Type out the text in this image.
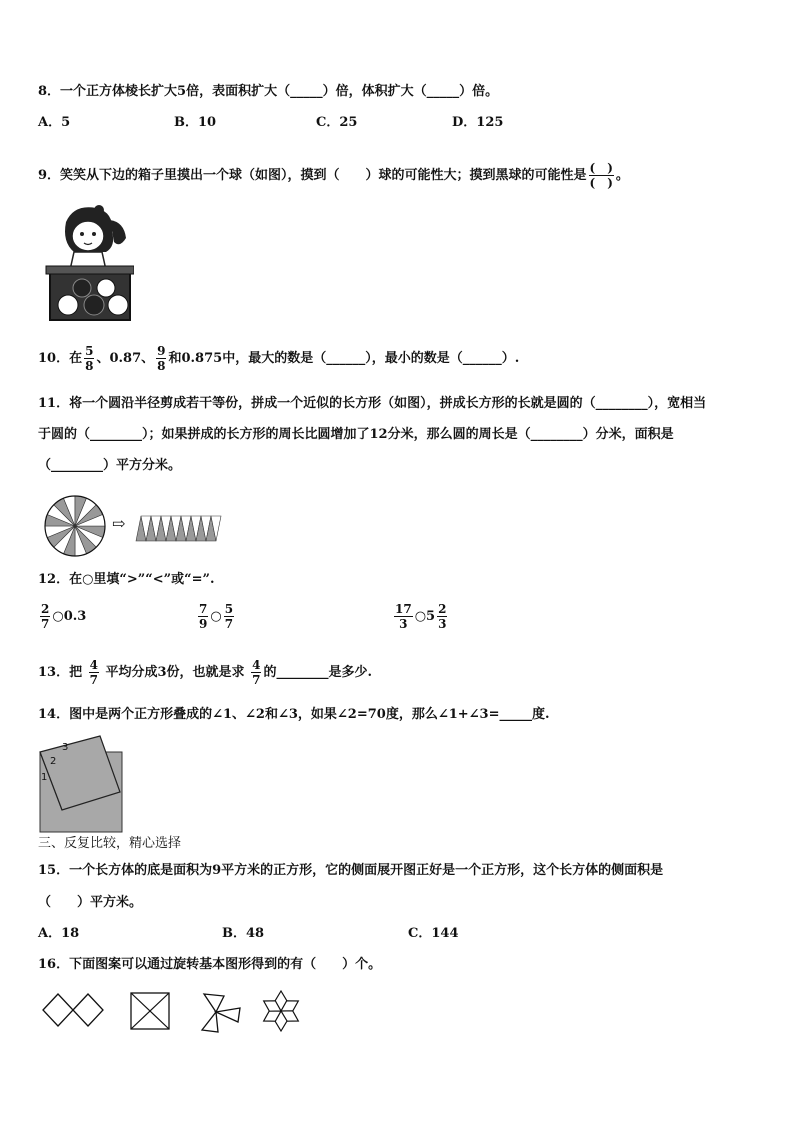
8．一个正方体棱长扩大5倍，表面积扩大（_____）倍，体积扩大（_____）倍。
A．5	B．10	C．25	D．125
9．笑笑从下边的箱子里摸出一个球（如图），摸到（　　）球的可能性大；摸到黑球的可能性是 $\frac{( )}{( )}$ 。
10．在 $\frac{5}{8}$ 、0.87、 $\frac{9}{8}$ 和0.875中，最大的数是（______），最小的数是（______）.
11．将一个圆沿半径剪成若干等份，拼成一个近似的长方形（如图），拼成长方形的长就是圆的（________），宽相当
于圆的（________）；如果拼成的长方形的周长比圆增加了12分米，那么圆的周长是（________）分米，面积是
（________）平方分米。
⇨
12．在○里填“>”“<”或“=”.
$\frac{2}{7}$ ○0.3	$\frac{7}{9}$ ○ $\frac{5}{7}$	$\frac{17}{3}$ ○5 $\frac{2}{3}$
13．把 $\frac{4}{7}$ 平均分成3份，也就是求 $\frac{4}{7}$ 的________是多少.
14．图中是两个正方形叠成的∠1、∠2和∠3，如果∠2=70度，那么∠1+∠3=_____度.
3
2
1
三、反复比较，精心选择
15．一个长方体的底是面积为9平方米的正方形，它的侧面展开图正好是一个正方形，这个长方体的侧面积是
（　　）平方米。
A．18	B．48	C．144
16．下面图案可以通过旋转基本图形得到的有（　　）个。
